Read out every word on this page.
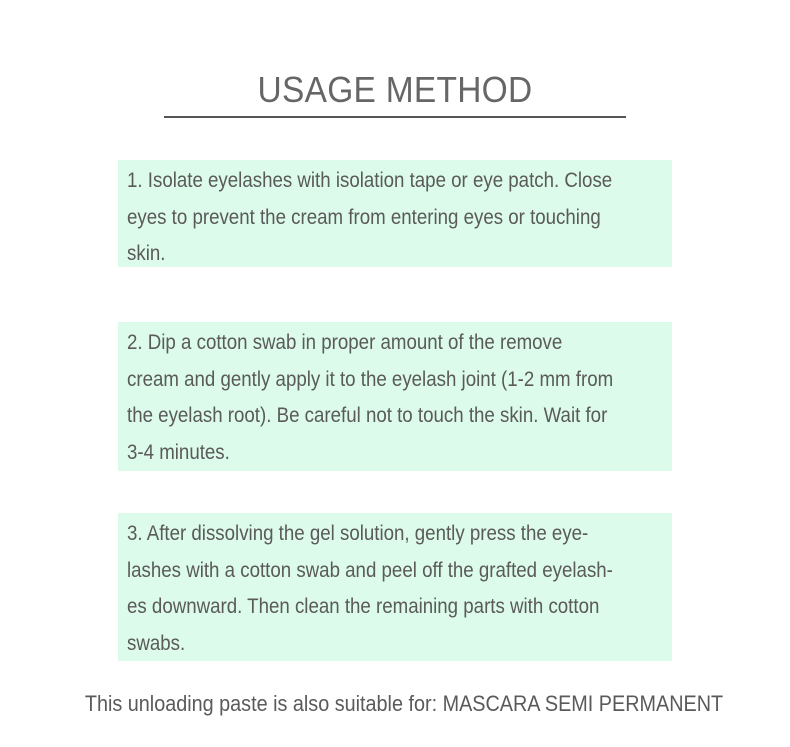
USAGE METHOD
1. Isolate eyelashes with isolation tape or eye patch. Close
eyes to prevent the cream from entering eyes or touching
skin.
2. Dip a cotton swab in proper amount of the remove
cream and gently apply it to the eyelash joint (1-2 mm from
the eyelash root). Be careful not to touch the skin. Wait for
3-4 minutes.
3. After dissolving the gel solution, gently press the eye-
lashes with a cotton swab and peel off the grafted eyelash-
es downward. Then clean the remaining parts with cotton
swabs.
This unloading paste is also suitable for: MASCARA SEMI PERMANENT
